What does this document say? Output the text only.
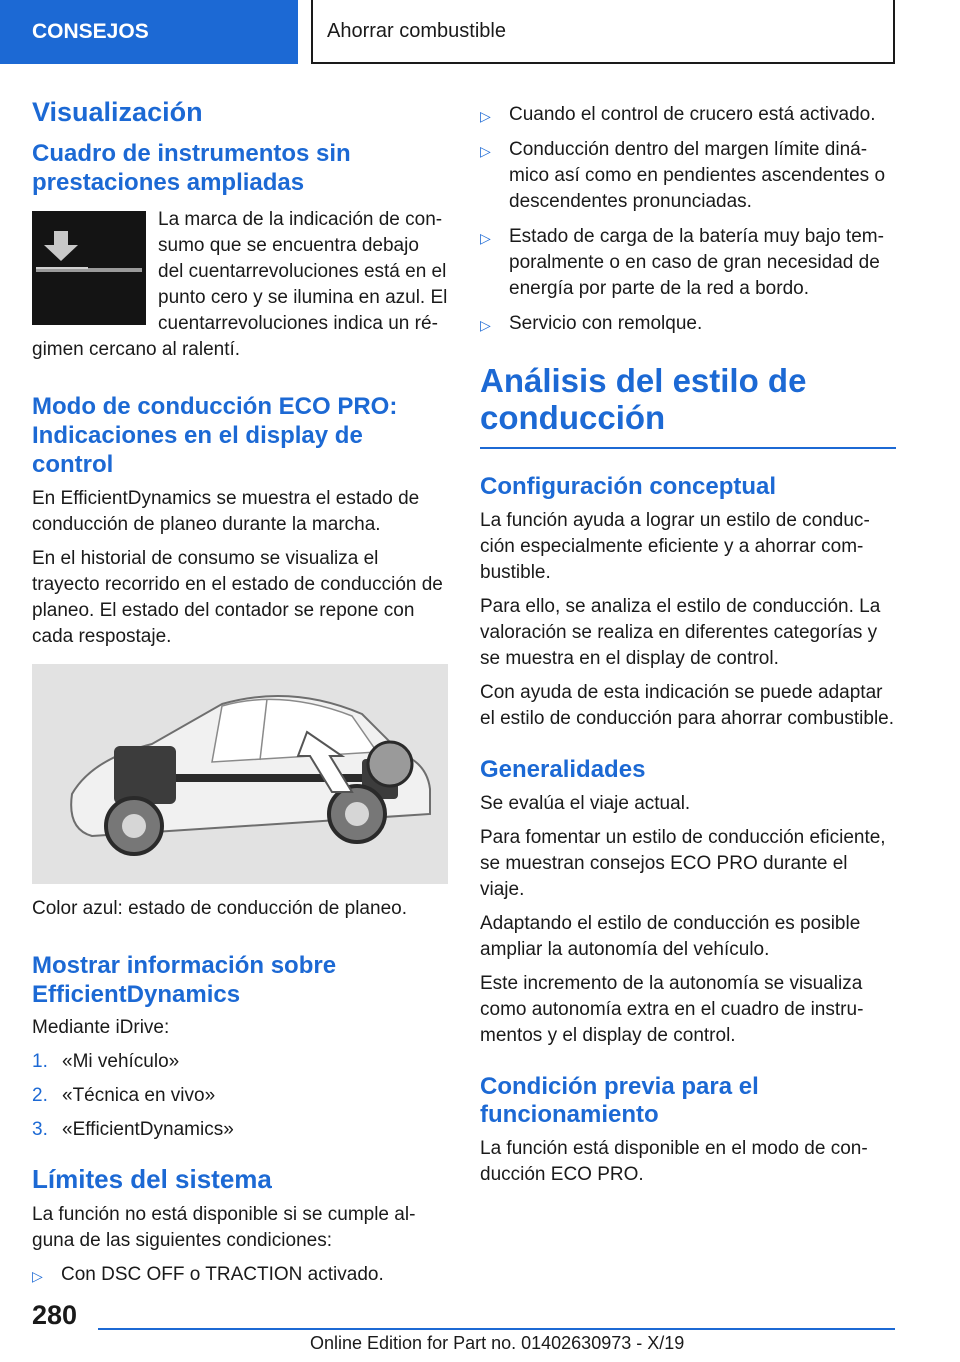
CONSEJOS	Ahorrar combustible
Visualización
Cuadro de instrumentos sin prestaciones ampliadas
La marca de la indicación de consumo que se encuentra debajo del cuentarrevoluciones está en el punto cero y se ilumina en azul. El cuentarrevoluciones indica un régimen cercano al ralentí.
Modo de conducción ECO PRO: Indicaciones en el display de control
En EfficientDynamics se muestra el estado de conducción de planeo durante la marcha.
En el historial de consumo se visualiza el trayecto recorrido en el estado de conducción de planeo. El estado del contador se repone con cada respostaje.
Color azul: estado de conducción de planeo.
Mostrar información sobre EfficientDynamics
Mediante iDrive:
1. «Mi vehículo»
2. «Técnica en vivo»
3. «EfficientDynamics»
Límites del sistema
La función no está disponible si se cumple alguna de las siguientes condiciones:
▷ Con DSC OFF o TRACTION activado.
▷ Cuando el control de crucero está activado.
▷ Conducción dentro del margen límite dinámico así como en pendientes ascendentes o descendentes pronunciadas.
▷ Estado de carga de la batería muy bajo temporalmente o en caso de gran necesidad de energía por parte de la red a bordo.
▷ Servicio con remolque.
Análisis del estilo de conducción
Configuración conceptual
La función ayuda a lograr un estilo de conducción especialmente eficiente y a ahorrar combustible.
Para ello, se analiza el estilo de conducción. La valoración se realiza en diferentes categorías y se muestra en el display de control.
Con ayuda de esta indicación se puede adaptar el estilo de conducción para ahorrar combustible.
Generalidades
Se evalúa el viaje actual.
Para fomentar un estilo de conducción eficiente, se muestran consejos ECO PRO durante el viaje.
Adaptando el estilo de conducción es posible ampliar la autonomía del vehículo.
Este incremento de la autonomía se visualiza como autonomía extra en el cuadro de instrumentos y el display de control.
Condición previa para el funcionamiento
La función está disponible en el modo de conducción ECO PRO.
280
Online Edition for Part no. 01402630973 - X/19
